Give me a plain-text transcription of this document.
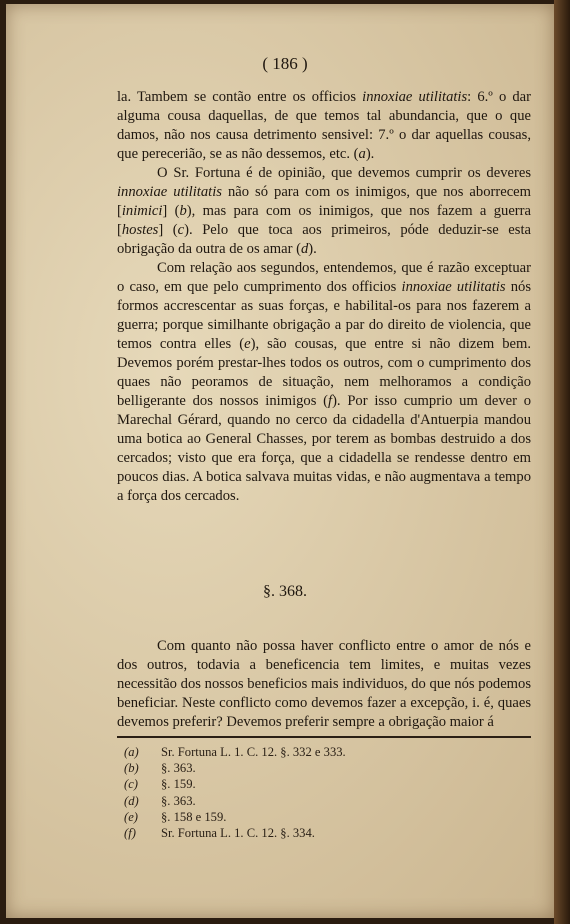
( 186 )

la. Tambem se contão entre os officios innoxiae utilitatis: 6.º o dar alguma cousa daquellas, de que temos tal abundancia, que o que damos, não nos causa detrimento sensivel: 7.º o dar aquellas cousas, que perecerião, se as não dessemos, etc. (a).

O Sr. Fortuna é de opinião, que devemos cumprir os deveres innoxiae utilitatis não só para com os inimigos, que nos aborrecem [inimici] (b), mas para com os inimigos, que nos fazem a guerra [hostes] (c). Pelo que toca aos primeiros, póde deduzir-se esta obrigação da outra de os amar (d).

Com relação aos segundos, entendemos, que é razão exceptuar o caso, em que pelo cumprimento dos officios innoxiae utilitatis nós formos accrescentar as suas forças, e habilital-os para nos fazerem a guerra; porque similhante obrigação a par do direito de violencia, que temos contra elles (e), são cousas, que entre si não dizem bem. Devemos porém prestar-lhes todos os outros, com o cumprimento dos quaes não peoramos de situação, nem melhoramos a condição belligerante dos nossos inimigos (f). Por isso cumprio um dever o Marechal Gérard, quando no cerco da cidadella d'Antuerpia mandou uma botica ao General Chasses, por terem as bombas destruido a dos cercados; visto que era força, que a cidadella se rendesse dentro em poucos dias. A botica salvava muitas vidas, e não augmentava a tempo a força dos cercados.

§. 368.

Com quanto não possa haver conflicto entre o amor de nós e dos outros, todavia a beneficencia tem limites, e muitas vezes necessitão dos nossos beneficios mais individuos, do que nós podemos beneficiar. Neste conflicto como devemos fazer a excepção, i. é, quaes devemos preferir? Devemos preferir sempre a obrigação maior á

(a)	Sr. Fortuna L. 1. C. 12. §. 332 e 333.
(b)	§. 363.
(c)	§. 159.
(d)	§. 363.
(e)	§. 158 e 159.
(f)	Sr. Fortuna L. 1. C. 12. §. 334.
